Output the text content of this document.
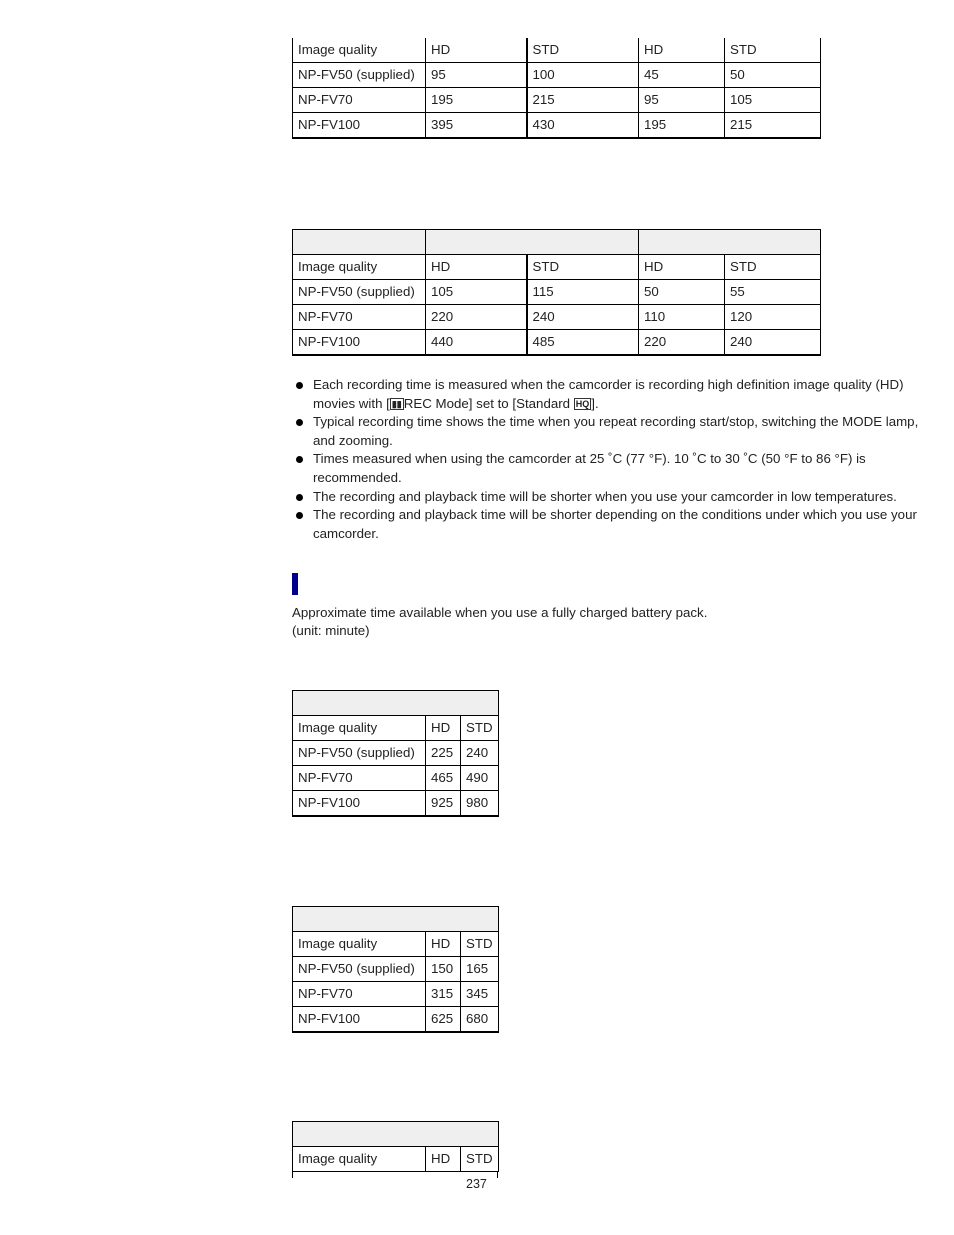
Image quality	HD	STD	HD	STD
NP-FV50 (supplied)	95	100	45	50
NP-FV70	195	215	95	105
NP-FV100	395	430	195	215

Image quality	HD	STD	HD	STD
NP-FV50 (supplied)	105	115	50	55
NP-FV70	220	240	110	120
NP-FV100	440	485	220	240
Each recording time is measured when the camcorder is recording high definition image quality (HD)
movies with [ ▮▮ REC Mode] set to [Standard HQ ].
Typical recording time shows the time when you repeat recording start/stop, switching the MODE lamp, and zooming.
Times measured when using the camcorder at 25 ˚C (77 °F). 10 ˚C to 30 ˚C (50 °F to 86 °F) is recommended.
The recording and playback time will be shorter when you use your camcorder in low temperatures.
The recording and playback time will be shorter depending on the conditions under which you use your camcorder.
Approximate time available when you use a fully charged battery pack.
(unit: minute)

Image quality	HD	STD
NP-FV50 (supplied)	225	240
NP-FV70	465	490
NP-FV100	925	980

Image quality	HD	STD
NP-FV50 (supplied)	150	165
NP-FV70	315	345
NP-FV100	625	680

Image quality	HD	STD
237
